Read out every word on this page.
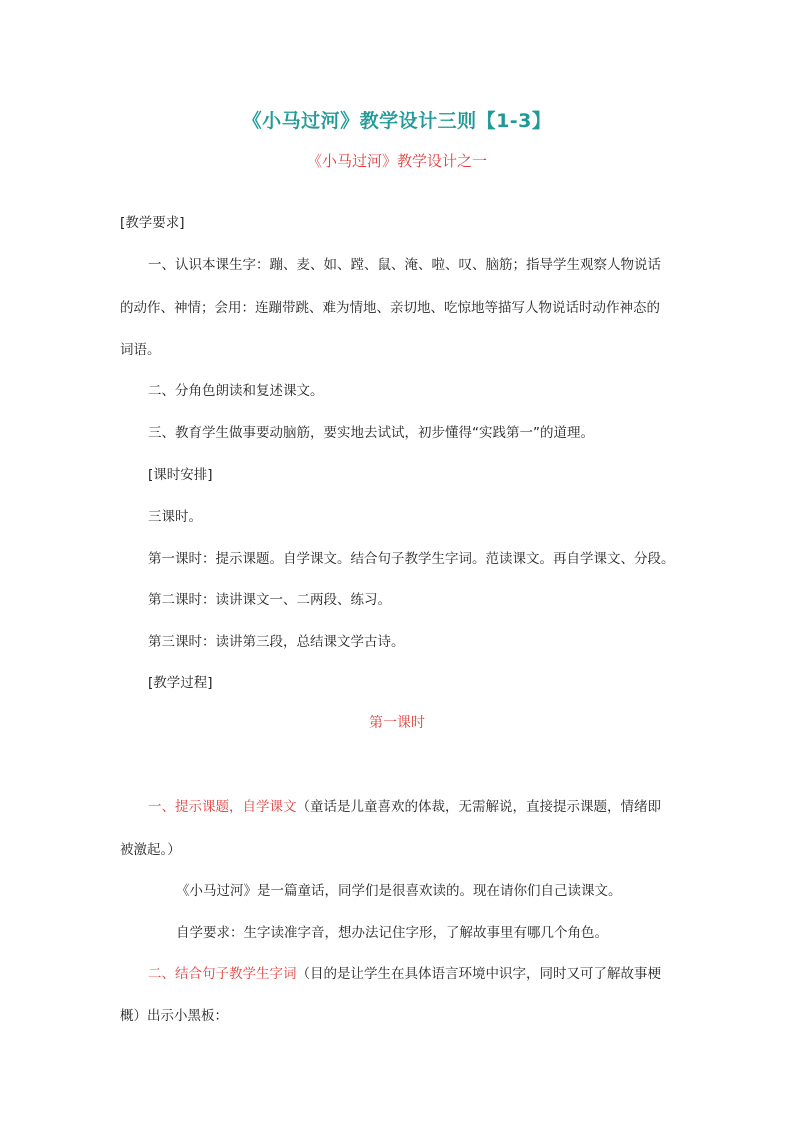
《小马过河》教学设计三则【1-3】
《小马过河》教学设计之一
[教学要求]
一、认识本课生字：蹦、麦、如、蹚、鼠、淹、啦、叹、脑筋；指导学生观察人物说话
的动作、神情；会用：连蹦带跳、难为情地、亲切地、吃惊地等描写人物说话时动作神态的
词语。
二、分角色朗读和复述课文。
三、教育学生做事要动脑筋，要实地去试试，初步懂得“实践第一”的道理。
[课时安排]
三课时。
第一课时：提示课题。自学课文。结合句子教学生字词。范读课文。再自学课文、分段。
第二课时：读讲课文一、二两段、练习。
第三课时：读讲第三段，总结课文学古诗。
[教学过程]
第一课时
一、提示课题，自学课文（童话是儿童喜欢的体裁，无需解说，直接提示课题，情绪即
被激起。）
《小马过河》是一篇童话，同学们是很喜欢读的。现在请你们自己读课文。
自学要求：生字读准字音，想办法记住字形，了解故事里有哪几个角色。
二、结合句子教学生字词（目的是让学生在具体语言环境中识字，同时又可了解故事梗
概）出示小黑板：
